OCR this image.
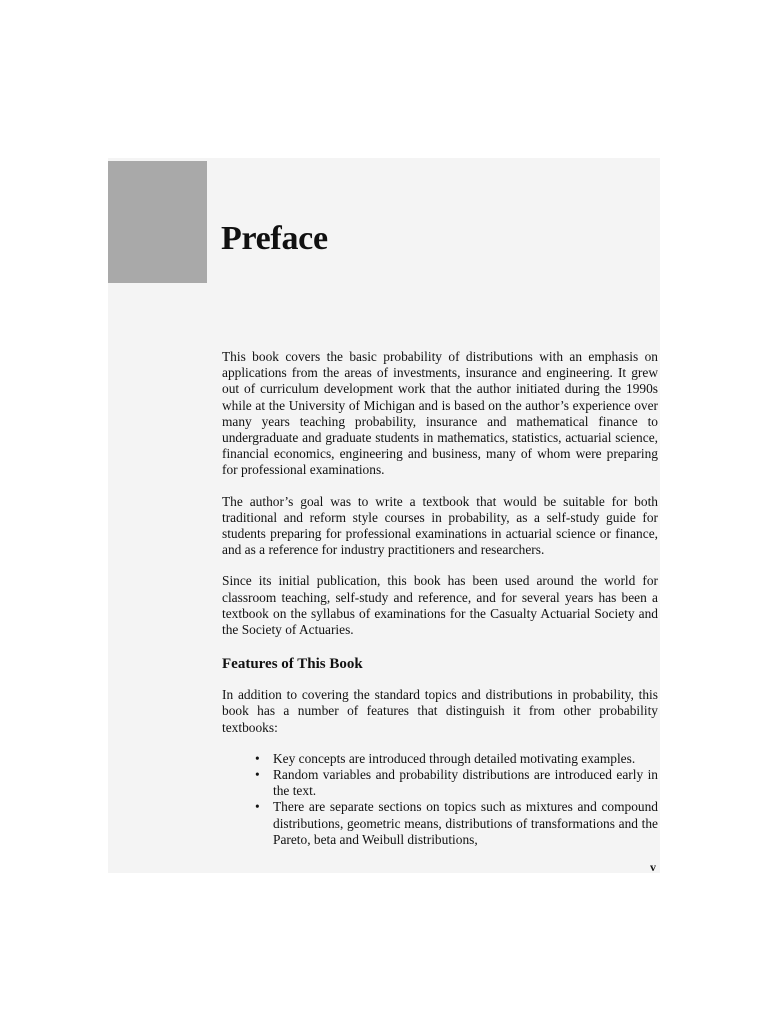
Preface

This book covers the basic probability of distributions with an emphasis on applications from the areas of investments, insurance and engineering. It grew out of curriculum development work that the author initiated during the 1990s while at the University of Michigan and is based on the author’s experience over many years teaching probability, insurance and mathematical finance to undergraduate and graduate students in mathematics, statistics, actuarial science, financial economics, engineering and business, many of whom were preparing for professional examinations.

The author’s goal was to write a textbook that would be suitable for both traditional and reform style courses in probability, as a self-study guide for students preparing for professional examinations in actuarial science or finance, and as a reference for industry practitioners and researchers.

Since its initial publication, this book has been used around the world for classroom teaching, self-study and reference, and for several years has been a textbook on the syllabus of examinations for the Casualty Actuarial Society and the Society of Actuaries.

Features of This Book

In addition to covering the standard topics and distributions in probability, this book has a number of features that distinguish it from other probability textbooks:

• Key concepts are introduced through detailed motivating examples.
• Random variables and probability distributions are introduced early in the text.
• There are separate sections on topics such as mixtures and compound distributions, geometric means, distributions of transformations and the Pareto, beta and Weibull distributions,
v
